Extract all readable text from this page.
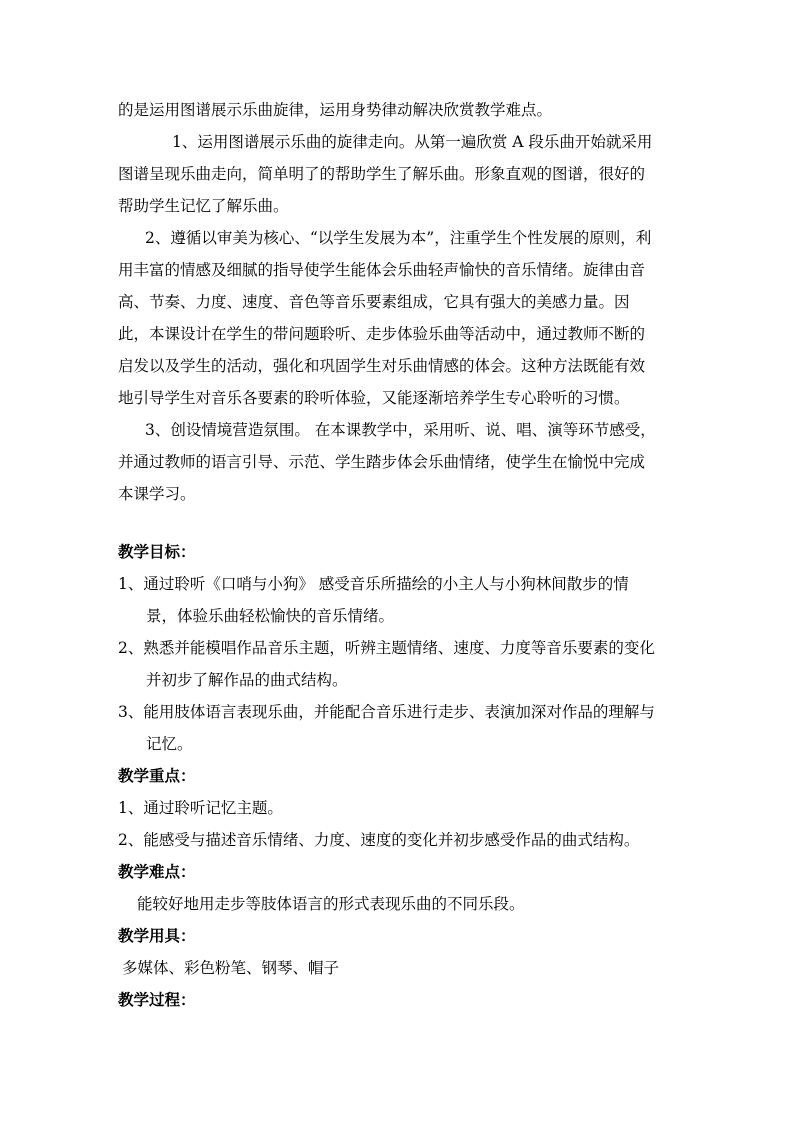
的是运用图谱展示乐曲旋律，运用身势律动解决欣赏教学难点。
1、运用图谱展示乐曲的旋律走向。从第一遍欣赏 A 段乐曲开始就采用
图谱呈现乐曲走向，简单明了的帮助学生了解乐曲。形象直观的图谱，很好的
帮助学生记忆了解乐曲。
2、遵循以审美为核心、“以学生发展为本”，注重学生个性发展的原则，利
用丰富的情感及细腻的指导使学生能体会乐曲轻声愉快的音乐情绪。旋律由音
高、节奏、力度、速度、音色等音乐要素组成，它具有强大的美感力量。因
此，本课设计在学生的带问题聆听、走步体验乐曲等活动中，通过教师不断的
启发以及学生的活动，强化和巩固学生对乐曲情感的体会。这种方法既能有效
地引导学生对音乐各要素的聆听体验，又能逐渐培养学生专心聆听的习惯。
3、创设情境营造氛围。 在本课教学中，采用听、说、唱、演等环节感受，
并通过教师的语言引导、示范、学生踏步体会乐曲情绪，使学生在愉悦中完成
本课学习。
教学目标：
1、通过聆听《口哨与小狗》 感受音乐所描绘的小主人与小狗林间散步的情
景，体验乐曲轻松愉快的音乐情绪。
2、熟悉并能模唱作品音乐主题，听辨主题情绪、速度、力度等音乐要素的变化
并初步了解作品的曲式结构。
3、能用肢体语言表现乐曲，并能配合音乐进行走步、表演加深对作品的理解与
记忆。
教学重点：
1、通过聆听记忆主题。
2、能感受与描述音乐情绪、力度、速度的变化并初步感受作品的曲式结构。
教学难点：
能较好地用走步等肢体语言的形式表现乐曲的不同乐段。
教学用具：
多媒体、彩色粉笔、钢琴、帽子
教学过程：
